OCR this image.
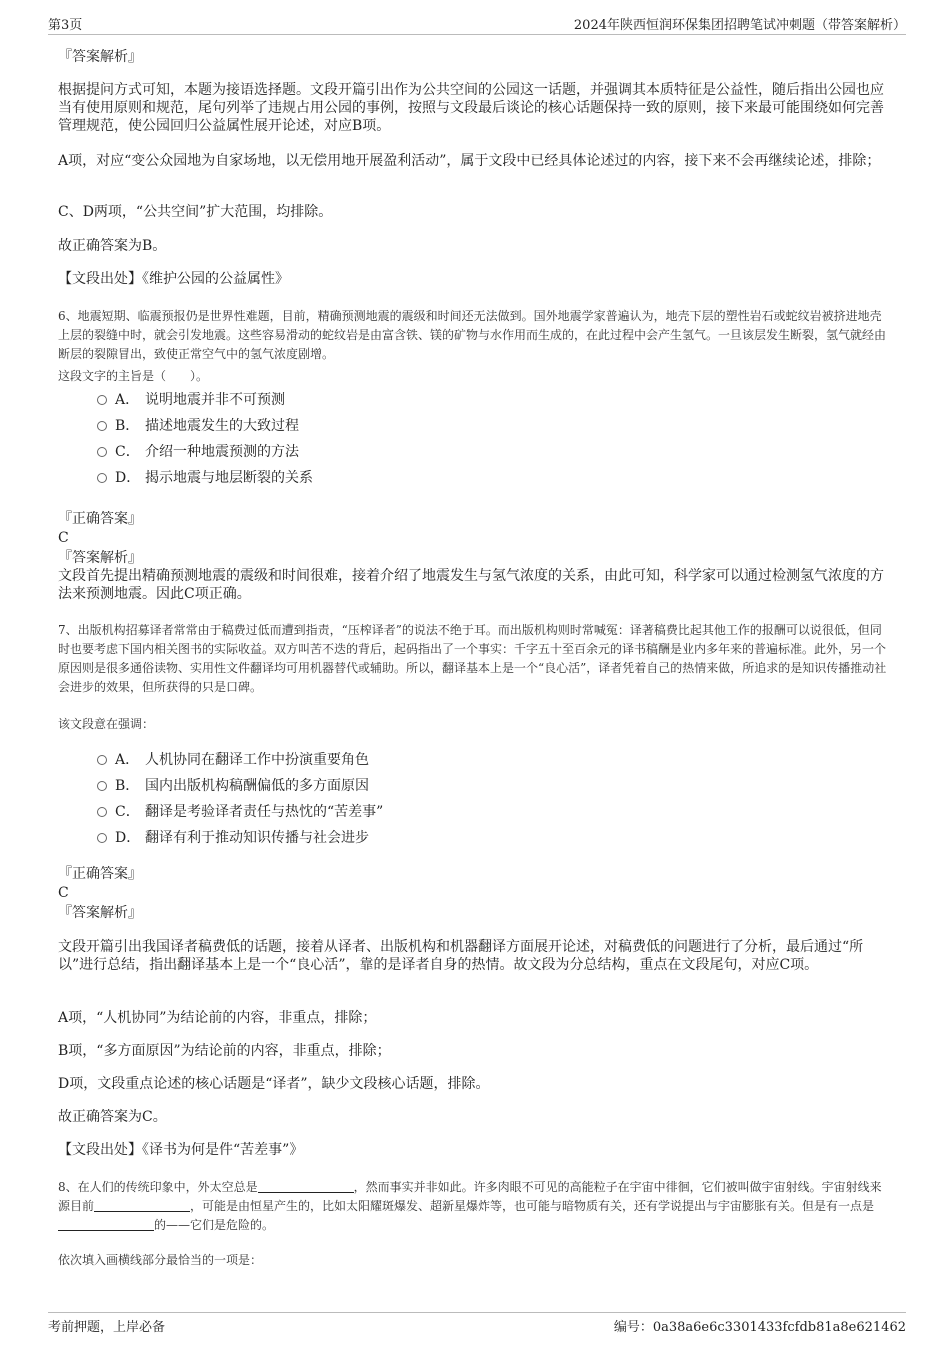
第3页	2024年陕西恒润环保集团招聘笔试冲刺题（带答案解析）
『答案解析』
根据提问方式可知，本题为接语选择题。文段开篇引出作为公共空间的公园这一话题，并强调其本质特征是公益性，随后指出公园也应当有使用原则和规范，尾句列举了违规占用公园的事例，按照与文段最后谈论的核心话题保持一致的原则，接下来最可能围绕如何完善管理规范，使公园回归公益属性展开论述，对应B项。
A项，对应“变公众园地为自家场地，以无偿用地开展盈利活动”，属于文段中已经具体论述过的内容，接下来不会再继续论述，排除；
C、D两项，“公共空间”扩大范围，均排除。
故正确答案为B。
【文段出处】《维护公园的公益属性》
6、地震短期、临震预报仍是世界性难题，目前，精确预测地震的震级和时间还无法做到。国外地震学家普遍认为，地壳下层的塑性岩石或蛇纹岩被挤进地壳上层的裂缝中时，就会引发地震。这些容易滑动的蛇纹岩是由富含铁、镁的矿物与水作用而生成的，在此过程中会产生氢气。一旦该层发生断裂，氢气就经由断层的裂隙冒出，致使正常空气中的氢气浓度剧增。
这段文字的主旨是（　　）。
A． 说明地震并非不可预测
B． 描述地震发生的大致过程
C． 介绍一种地震预测的方法
D． 揭示地震与地层断裂的关系
『正确答案』
C
『答案解析』
文段首先提出精确预测地震的震级和时间很难，接着介绍了地震发生与氢气浓度的关系，由此可知，科学家可以通过检测氢气浓度的方法来预测地震。因此C项正确。
7、出版机构招募译者常常由于稿费过低而遭到指责，“压榨译者”的说法不绝于耳。而出版机构则时常喊冤：译著稿费比起其他工作的报酬可以说很低，但同时也要考虑下国内相关图书的实际收益。双方叫苦不迭的背后，起码指出了一个事实：千字五十至百余元的译书稿酬是业内多年来的普遍标准。此外，另一个原因则是很多通俗读物、实用性文件翻译均可用机器替代或辅助。所以，翻译基本上是一个“良心活”，译者凭着自己的热情来做，所追求的是知识传播推动社会进步的效果，但所获得的只是口碑。
该文段意在强调：
A． 人机协同在翻译工作中扮演重要角色
B． 国内出版机构稿酬偏低的多方面原因
C． 翻译是考验译者责任与热忱的“苦差事”
D． 翻译有利于推动知识传播与社会进步
『正确答案』
C
『答案解析』
文段开篇引出我国译者稿费低的话题，接着从译者、出版机构和机器翻译方面展开论述，对稿费低的问题进行了分析，最后通过“所以”进行总结，指出翻译基本上是一个“良心活”，靠的是译者自身的热情。故文段为分总结构，重点在文段尾句，对应C项。
A项，“人机协同”为结论前的内容，非重点，排除；
B项，“多方面原因”为结论前的内容，非重点，排除；
D项，文段重点论述的核心话题是“译者”，缺少文段核心话题，排除。
故正确答案为C。
【文段出处】《译书为何是件“苦差事”》
8、在人们的传统印象中，外太空总是	，然而事实并非如此。许多肉眼不可见的高能粒子在宇宙中徘徊，它们被叫做宇宙射线。宇宙射线来源目前	，可能是由恒星产生的，比如太阳耀斑爆发、超新星爆炸等，也可能与暗物质有关，还有学说提出与宇宙膨胀有关。但是有一点是的——它们是危险的。
依次填入画横线部分最恰当的一项是：
考前押题，上岸必备	编号：0a38a6e6c3301433fcfdb81a8e621462
